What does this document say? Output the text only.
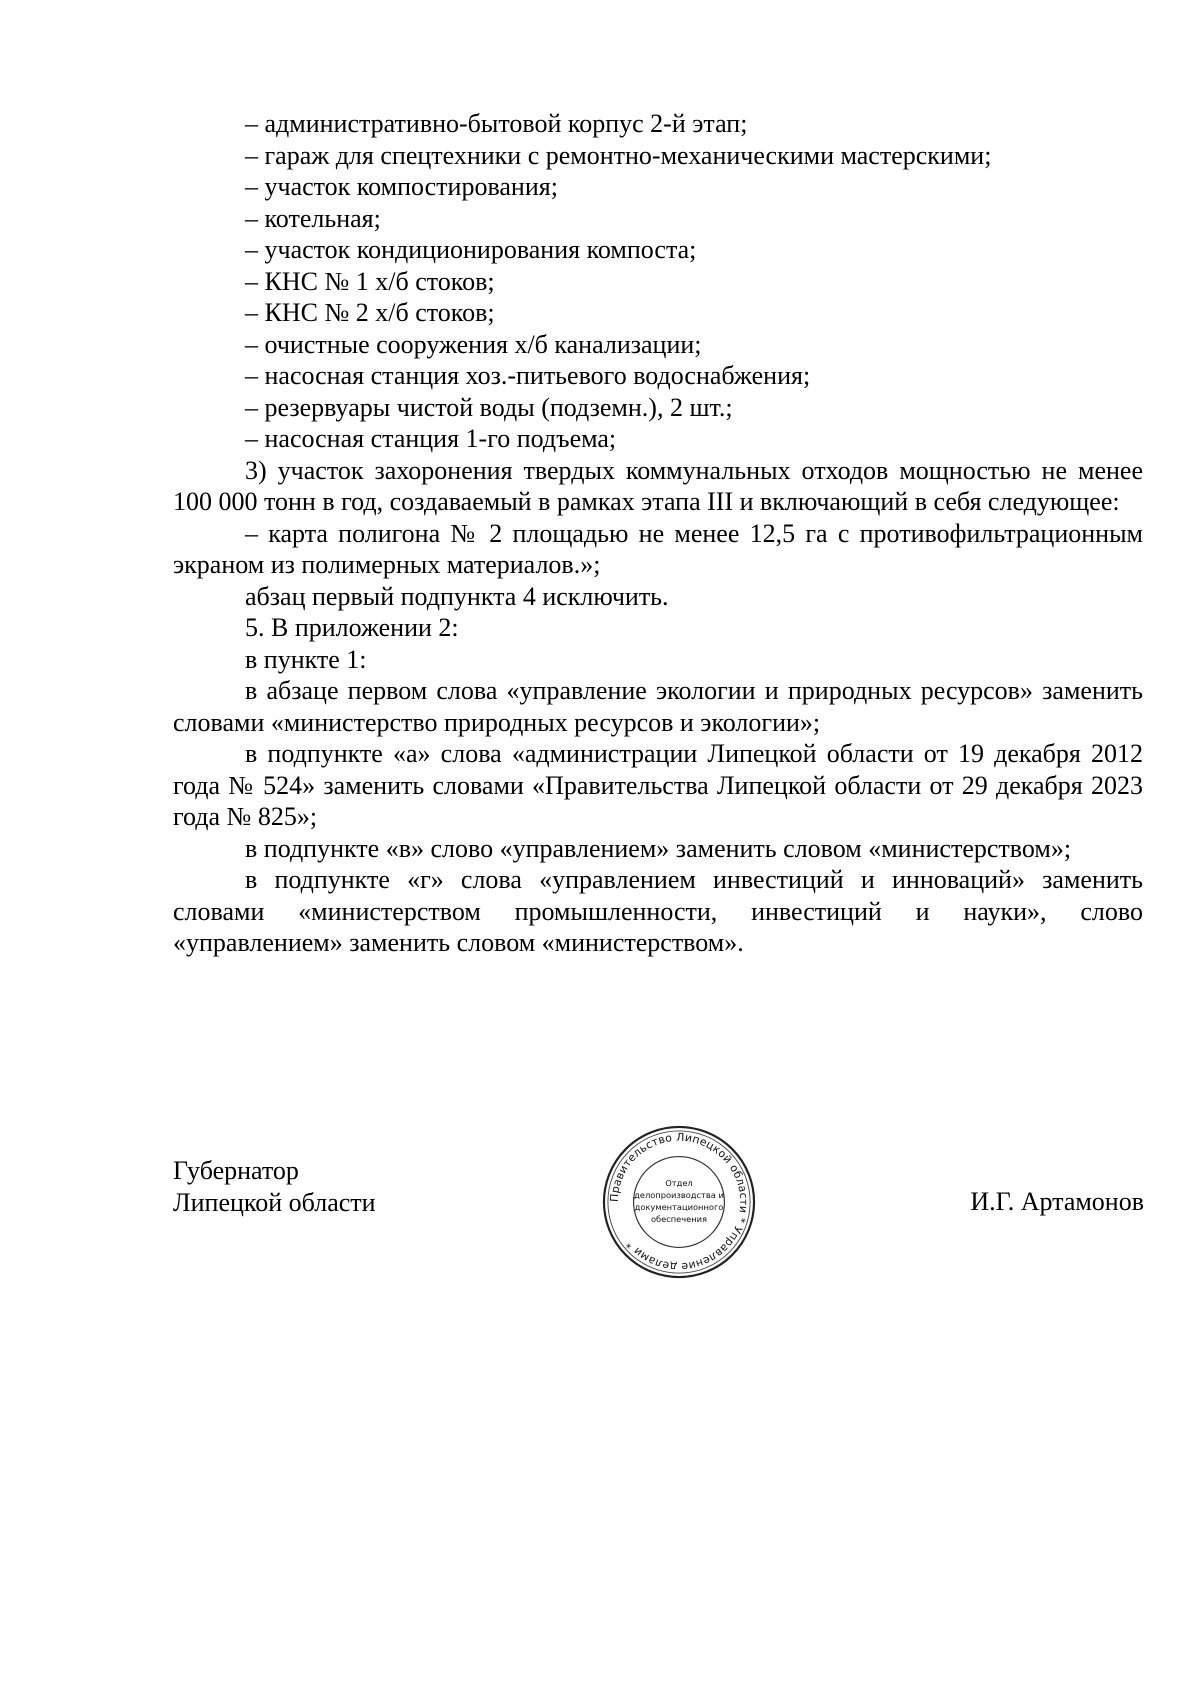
– административно-бытовой корпус 2-й этап;
– гараж для спецтехники с ремонтно-механическими мастерскими;
– участок компостирования;
– котельная;
– участок кондиционирования компоста;
– КНС № 1 х/б стоков;
– КНС № 2 х/б стоков;
– очистные сооружения х/б канализации;
– насосная станция хоз.-питьевого водоснабжения;
– резервуары чистой воды (подземн.), 2 шт.;
– насосная станция 1-го подъема;
3) участок захоронения твердых коммунальных отходов мощностью не менее 100 000 тонн в год, создаваемый в рамках этапа III и включающий в себя следующее:
– карта полигона № 2 площадью не менее 12,5 га с противофильтрационным экраном из полимерных материалов.»;
абзац первый подпункта 4 исключить.
5. В приложении 2:
в пункте 1:
в абзаце первом слова «управление экологии и природных ресурсов» заменить словами «министерство природных ресурсов и экологии»;
в подпункте «а» слова «администрации Липецкой области от 19 декабря 2012 года № 524» заменить словами «Правительства Липецкой области от 29 декабря 2023 года № 825»;
в подпункте «в» слово «управлением» заменить словом «министерством»;
в подпункте «г» слова «управлением инвестиций и инноваций» заменить словами «министерством промышленности, инвестиций и науки», слово «управлением» заменить словом «министерством».
Губернатор
Липецкой области	И.Г. Артамонов
Правительство Липецкой области * Управление делами *
Отдел
делопроизводства и
документационного
обеспечения
